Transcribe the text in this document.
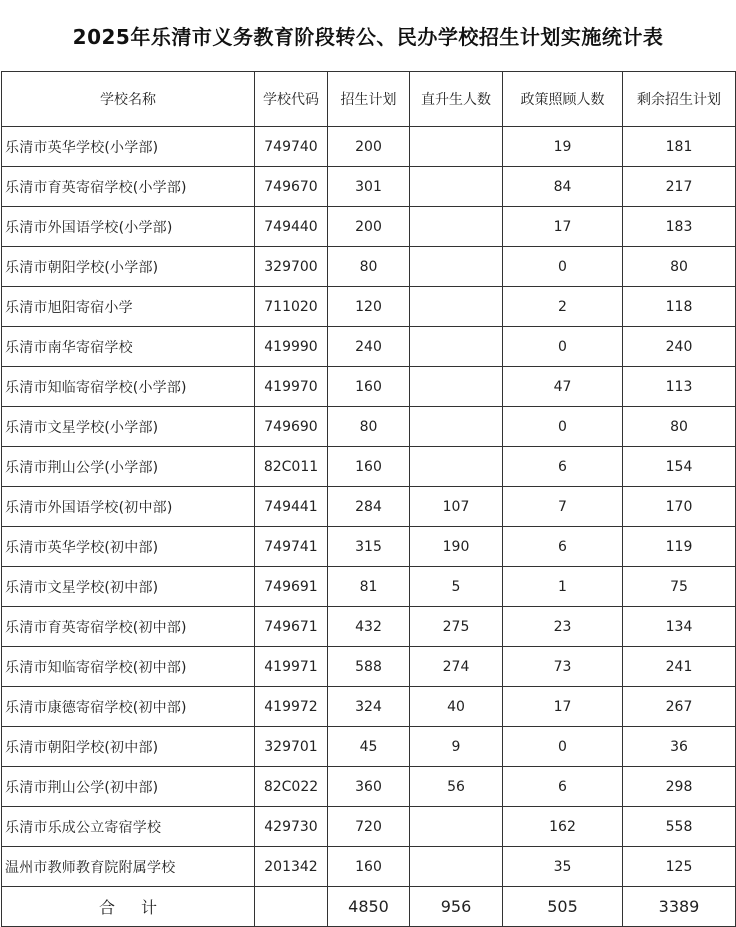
2025年乐清市义务教育阶段转公、民办学校招生计划实施统计表
学校名称	学校代码	招生计划	直升生人数	政策照顾人数	剩余招生计划
乐清市英华学校(小学部)	749740	200		19	181
乐清市育英寄宿学校(小学部)	749670	301		84	217
乐清市外国语学校(小学部)	749440	200		17	183
乐清市朝阳学校(小学部)	329700	80		0	80
乐清市旭阳寄宿小学	711020	120		2	118
乐清市南华寄宿学校	419990	240		0	240
乐清市知临寄宿学校(小学部)	419970	160		47	113
乐清市文星学校(小学部)	749690	80		0	80
乐清市荆山公学(小学部)	82C011	160		6	154
乐清市外国语学校(初中部)	749441	284	107	7	170
乐清市英华学校(初中部)	749741	315	190	6	119
乐清市文星学校(初中部)	749691	81	5	1	75
乐清市育英寄宿学校(初中部)	749671	432	275	23	134
乐清市知临寄宿学校(初中部)	419971	588	274	73	241
乐清市康德寄宿学校(初中部)	419972	324	40	17	267
乐清市朝阳学校(初中部)	329701	45	9	0	36
乐清市荆山公学(初中部)	82C022	360	56	6	298
乐清市乐成公立寄宿学校	429730	720		162	558
温州市教师教育院附属学校	201342	160		35	125
合计		4850	956	505	3389
